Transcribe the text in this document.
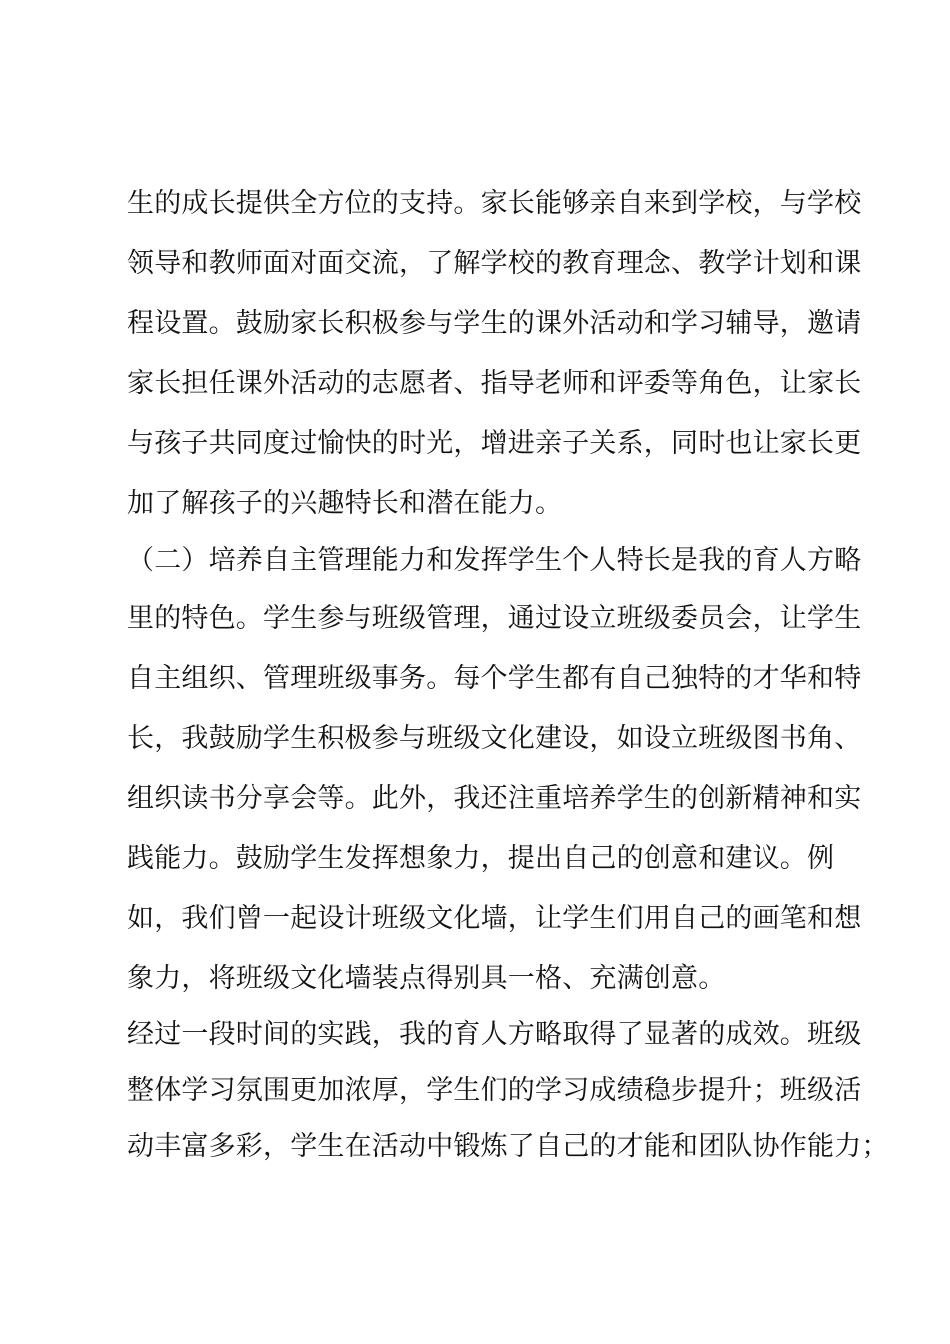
生的成长提供全方位的支持。家长能够亲自来到学校，与学校
领导和教师面对面交流，了解学校的教育理念、教学计划和课
程设置。鼓励家长积极参与学生的课外活动和学习辅导，邀请
家长担任课外活动的志愿者、指导老师和评委等角色，让家长
与孩子共同度过愉快的时光，增进亲子关系，同时也让家长更
加了解孩子的兴趣特长和潜在能力。
（二）培养自主管理能力和发挥学生个人特长是我的育人方略
里的特色。学生参与班级管理，通过设立班级委员会，让学生
自主组织、管理班级事务。每个学生都有自己独特的才华和特
长，我鼓励学生积极参与班级文化建设，如设立班级图书角、
组织读书分享会等。此外，我还注重培养学生的创新精神和实
践能力。鼓励学生发挥想象力，提出自己的创意和建议。例
如，我们曾一起设计班级文化墙，让学生们用自己的画笔和想
象力，将班级文化墙装点得别具一格、充满创意。
经过一段时间的实践，我的育人方略取得了显著的成效。班级
整体学习氛围更加浓厚，学生们的学习成绩稳步提升；班级活
动丰富多彩，学生在活动中锻炼了自己的才能和团队协作能力；
